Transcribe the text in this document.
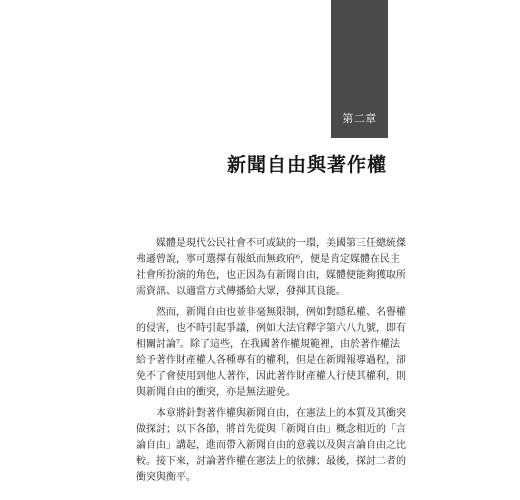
第二章
新聞自由與著作權

媒體是現代公民社會不可或缺的一環，美國第三任總統傑
弗遜曾說，寧可選擇有報紙而無政府⁶，便是肯定媒體在民主
社會所扮演的角色，也正因為有新聞自由，媒體便能夠獲取所
需資訊、以適當方式傳播給大眾，發揮其良能。

然而，新聞自由也並非毫無限制，例如對隱私權、名譽權
的侵害，也不時引起爭議，例如大法官釋字第六八九號，即有
相關討論⁷。除了這些，在我國著作權規範裡，由於著作權法
給予著作財產權人各種專有的權利，但是在新聞報導過程，卻
免不了會使用到他人著作，因此著作財產權人行使其權利，則
與新聞自由的衝突，亦是無法避免。

本章將針對著作權與新聞自由，在憲法上的本質及其衝突
做探討；以下各節，將首先從與「新聞自由」概念相近的「言
論自由」講起，進而帶入新聞自由的意義以及與言論自由之比
較。接下來，討論著作權在憲法上的依據；最後，探討二者的
衝突與衡平。
